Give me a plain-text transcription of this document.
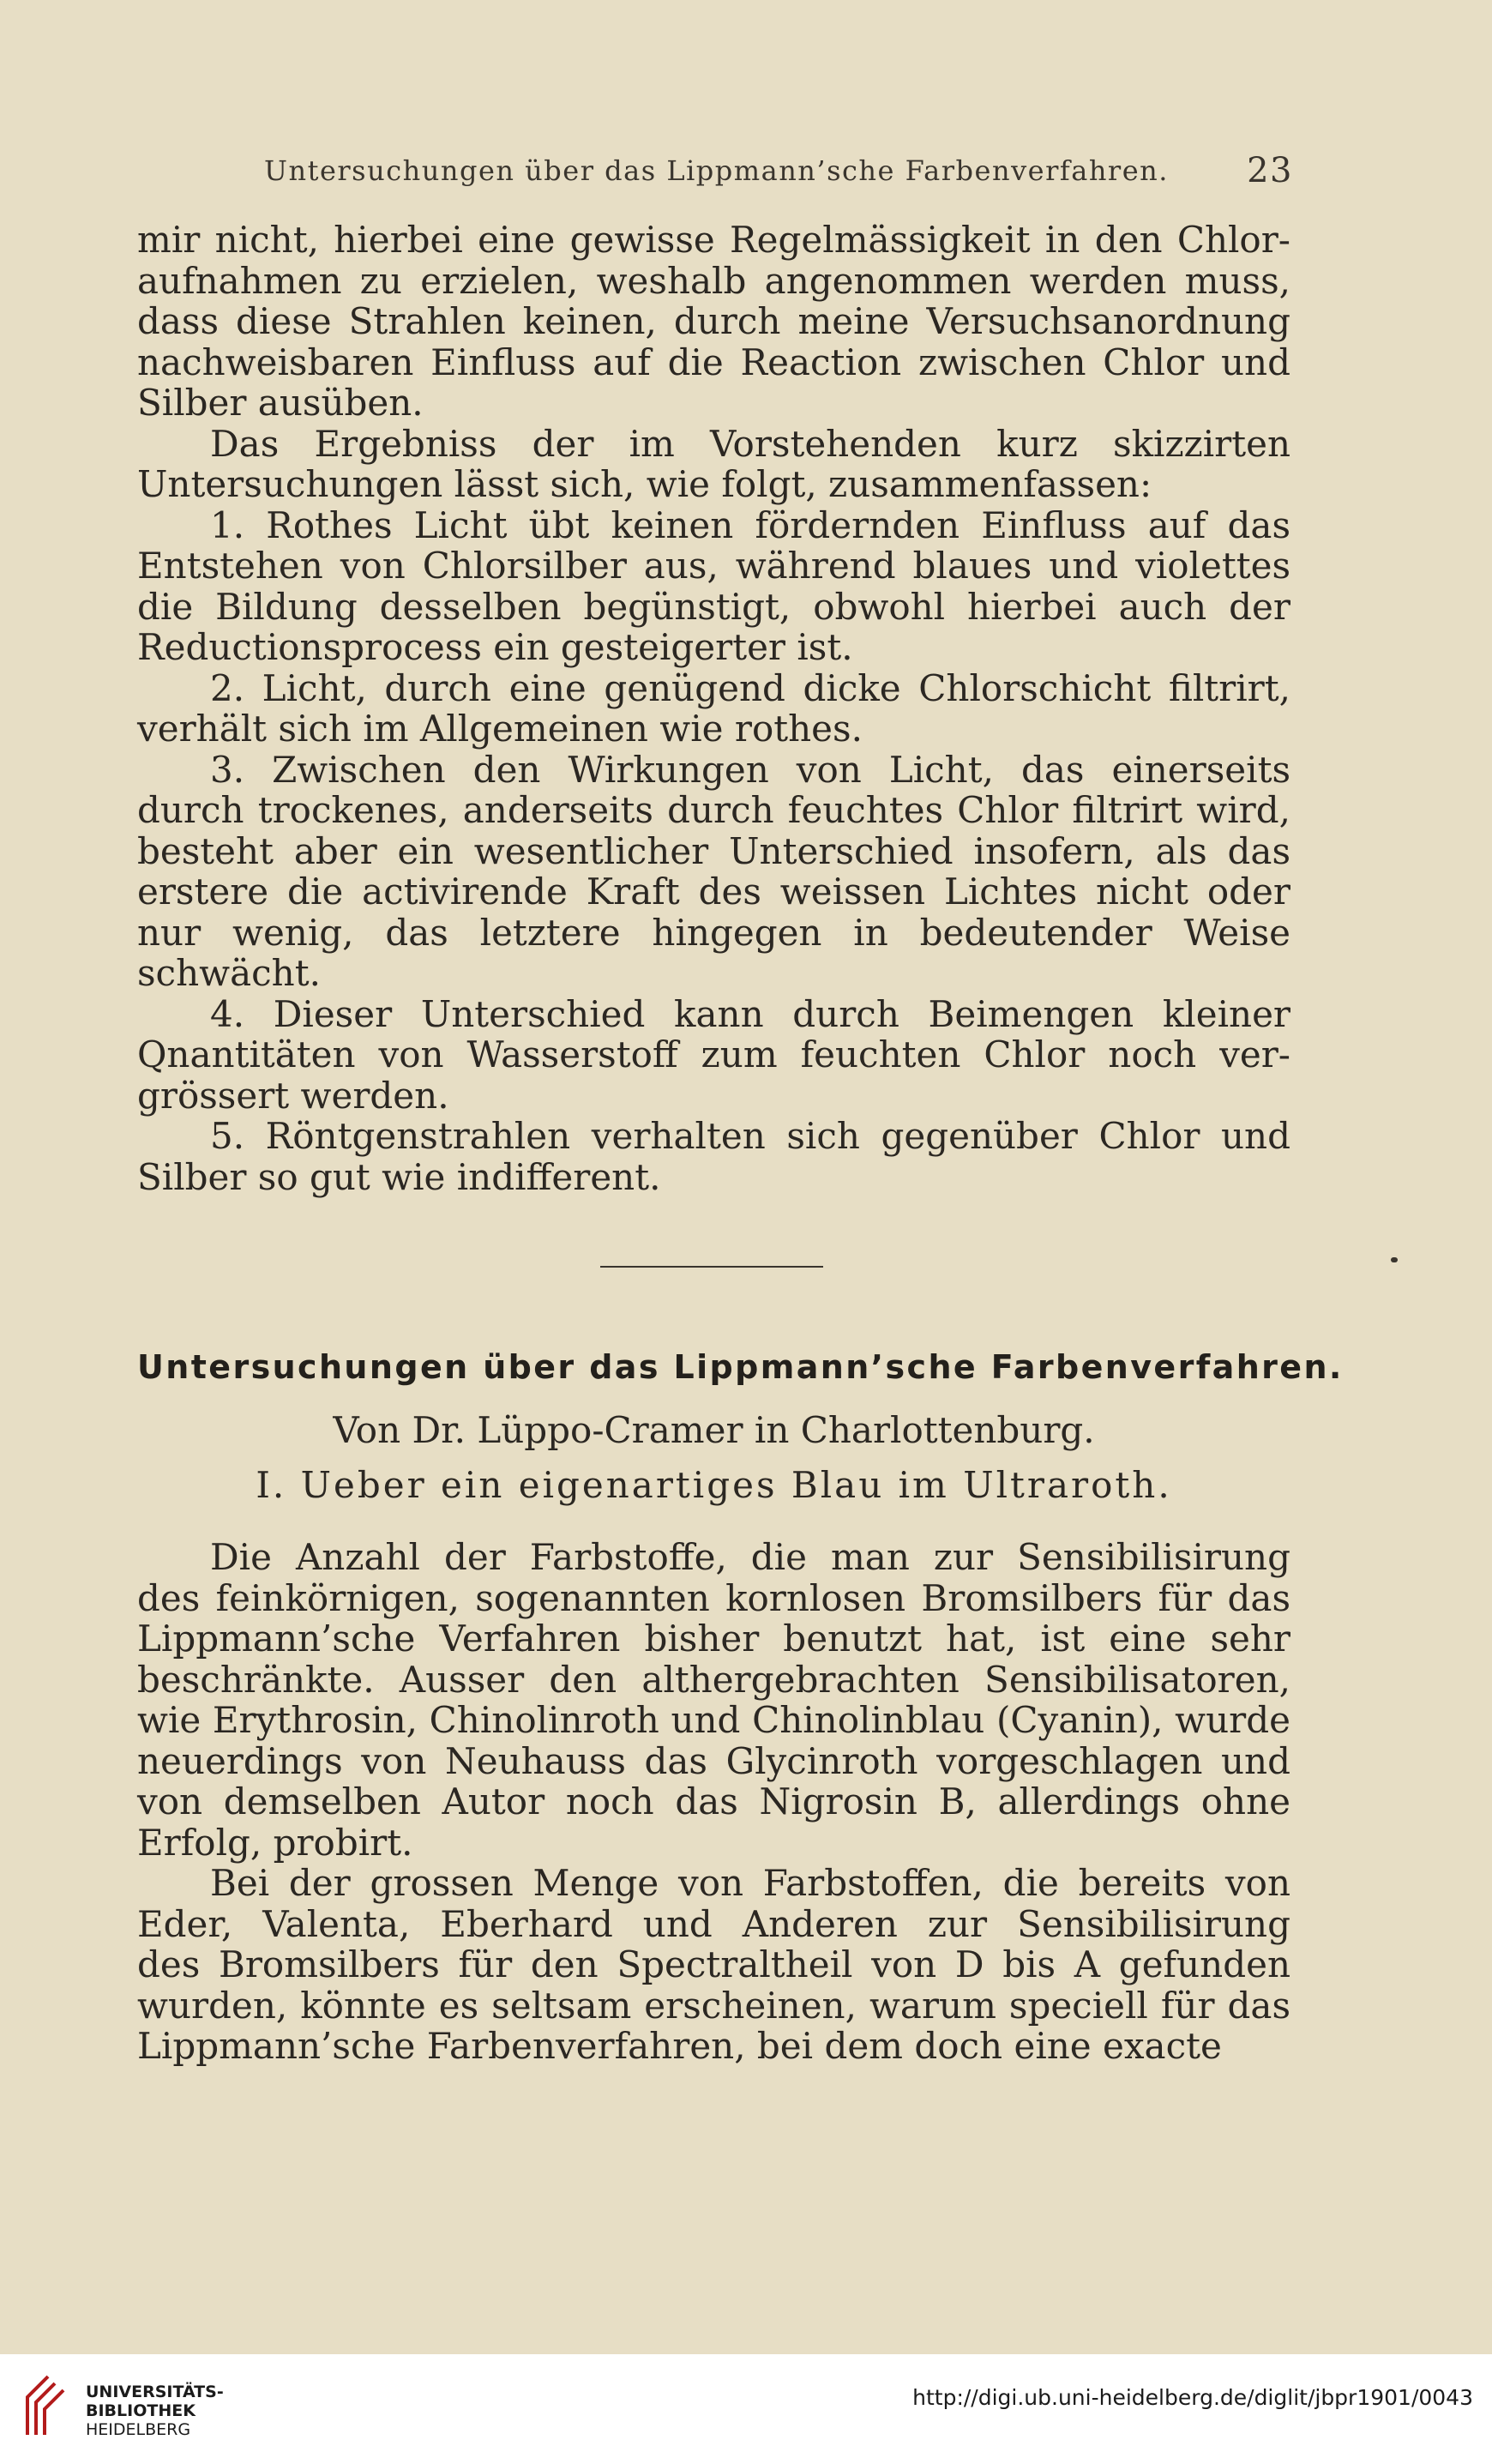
Untersuchungen über das Lippmann’sche Farbenverfahren. 23
mir nicht, hierbei eine gewisse Regelmässigkeit in den Chlor-
aufnahmen zu erzielen, weshalb angenommen werden muss,
dass diese Strahlen keinen, durch meine Versuchsanordnung
nachweisbaren Einfluss auf die Reaction zwischen Chlor und
Silber ausüben.
Das Ergebniss der im Vorstehenden kurz skizzirten
Untersuchungen lässt sich, wie folgt, zusammenfassen:
1. Rothes Licht übt keinen fördernden Einfluss auf das
Entstehen von Chlorsilber aus, während blaues und violettes
die Bildung desselben begünstigt, obwohl hierbei auch der
Reductionsprocess ein gesteigerter ist.
2. Licht, durch eine genügend dicke Chlorschicht filtrirt,
verhält sich im Allgemeinen wie rothes.
3. Zwischen den Wirkungen von Licht, das einerseits
durch trockenes, anderseits durch feuchtes Chlor filtrirt wird,
besteht aber ein wesentlicher Unterschied insofern, als das
erstere die activirende Kraft des weissen Lichtes nicht oder
nur wenig, das letztere hingegen in bedeutender Weise
schwächt.
4. Dieser Unterschied kann durch Beimengen kleiner
Qnantitäten von Wasserstoff zum feuchten Chlor noch ver-
grössert werden.
5. Röntgenstrahlen verhalten sich gegenüber Chlor und
Silber so gut wie indifferent.
Untersuchungen über das Lippmann’sche Farbenverfahren.
Von Dr. Lüppo-Cramer in Charlottenburg.
I. Ueber ein eigenartiges Blau im Ultraroth.
Die Anzahl der Farbstoffe, die man zur Sensibilisirung
des feinkörnigen, sogenannten kornlosen Bromsilbers für das
Lippmann’sche Verfahren bisher benutzt hat, ist eine sehr
beschränkte. Ausser den althergebrachten Sensibilisatoren,
wie Erythrosin, Chinolinroth und Chinolinblau (Cyanin), wurde
neuerdings von Neuhauss das Glycinroth vorgeschlagen und
von demselben Autor noch das Nigrosin B, allerdings ohne
Erfolg, probirt.
Bei der grossen Menge von Farbstoffen, die bereits von
Eder, Valenta, Eberhard und Anderen zur Sensibilisirung
des Bromsilbers für den Spectraltheil von D bis A gefunden
wurden, könnte es seltsam erscheinen, warum speciell für das
Lippmann’sche Farbenverfahren, bei dem doch eine exacte
UNIVERSITÄTS-
BIBLIOTHEK
HEIDELBERG
http://digi.ub.uni-heidelberg.de/diglit/jbpr1901/0043
